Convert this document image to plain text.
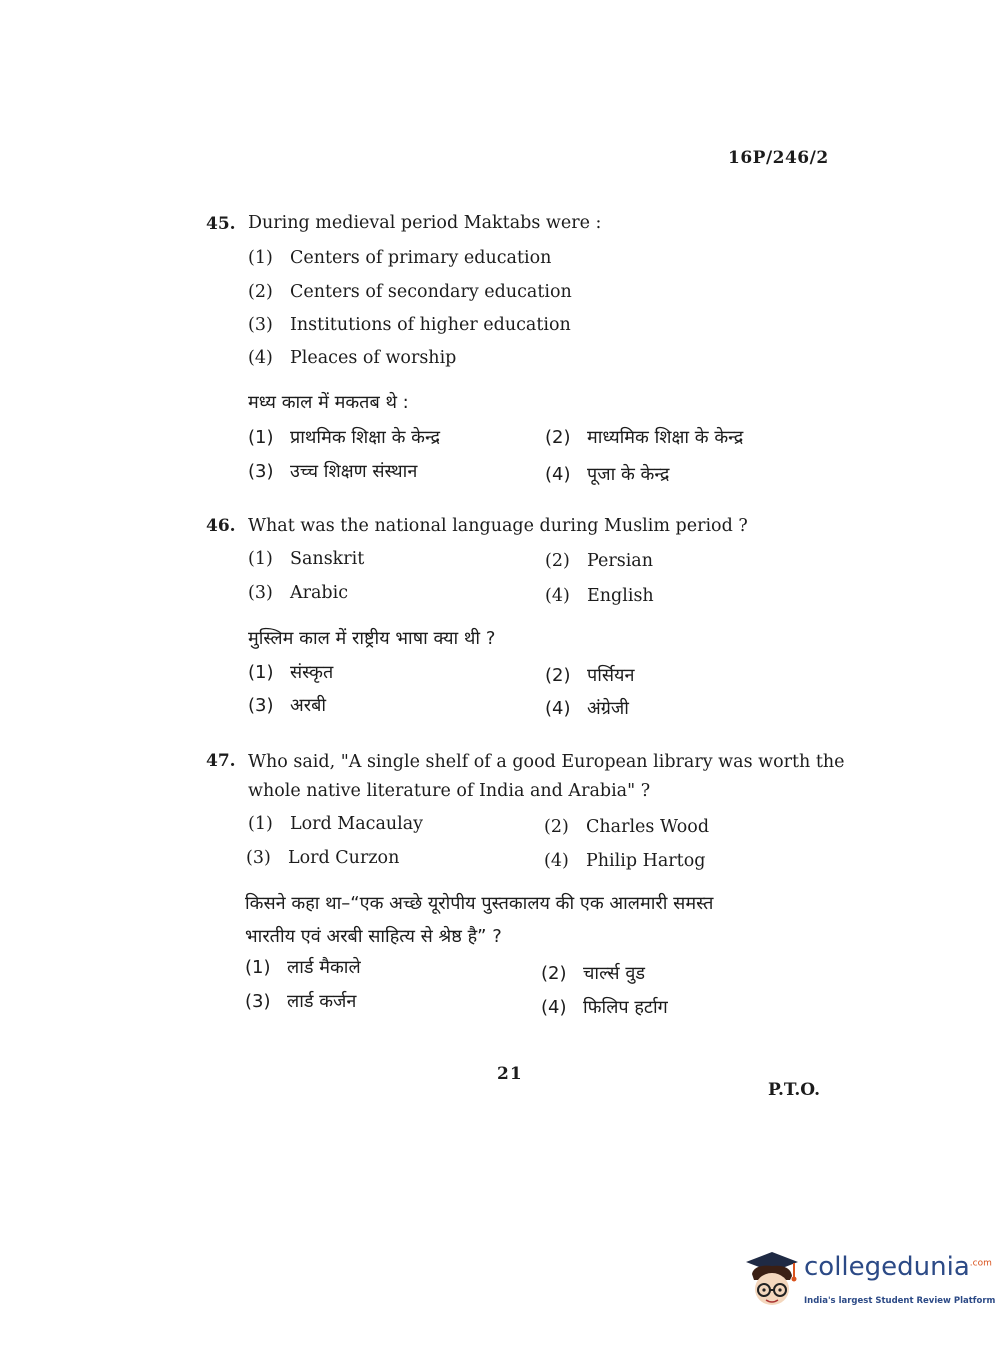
16P/246/2
45. During medieval period Maktabs were :
(1) Centers of primary education
(2) Centers of secondary education
(3) Institutions of higher education
(4) Pleaces of worship
मध्य काल में मकतब थे :
(1) प्राथमिक शिक्षा के केन्द्र	(2) माध्यमिक शिक्षा के केन्द्र
(3) उच्च शिक्षण संस्थान	(4) पूजा के केन्द्र
46. What was the national language during Muslim period ?
(1) Sanskrit	(2) Persian
(3) Arabic	(4) English
मुस्लिम काल में राष्ट्रीय भाषा क्या थी ?
(1) संस्कृत	(2) पर्सियन
(3) अरबी	(4) अंग्रेजी
47. Who said, "A single shelf of a good European library was worth the
whole native literature of India and Arabia" ?
(1) Lord Macaulay	(2) Charles Wood
(3) Lord Curzon	(4) Philip Hartog
किसने कहा था–“एक अच्छे यूरोपीय पुस्तकालय की एक आलमारी समस्त
भारतीय एवं अरबी साहित्य से श्रेष्ठ है” ?
(1) लार्ड मैकाले	(2) चार्ल्स वुड
(3) लार्ड कर्जन	(4) फिलिप हर्टाग
21
P.T.O.
collegedunia$^{.com}$
India's largest Student Review Platform
